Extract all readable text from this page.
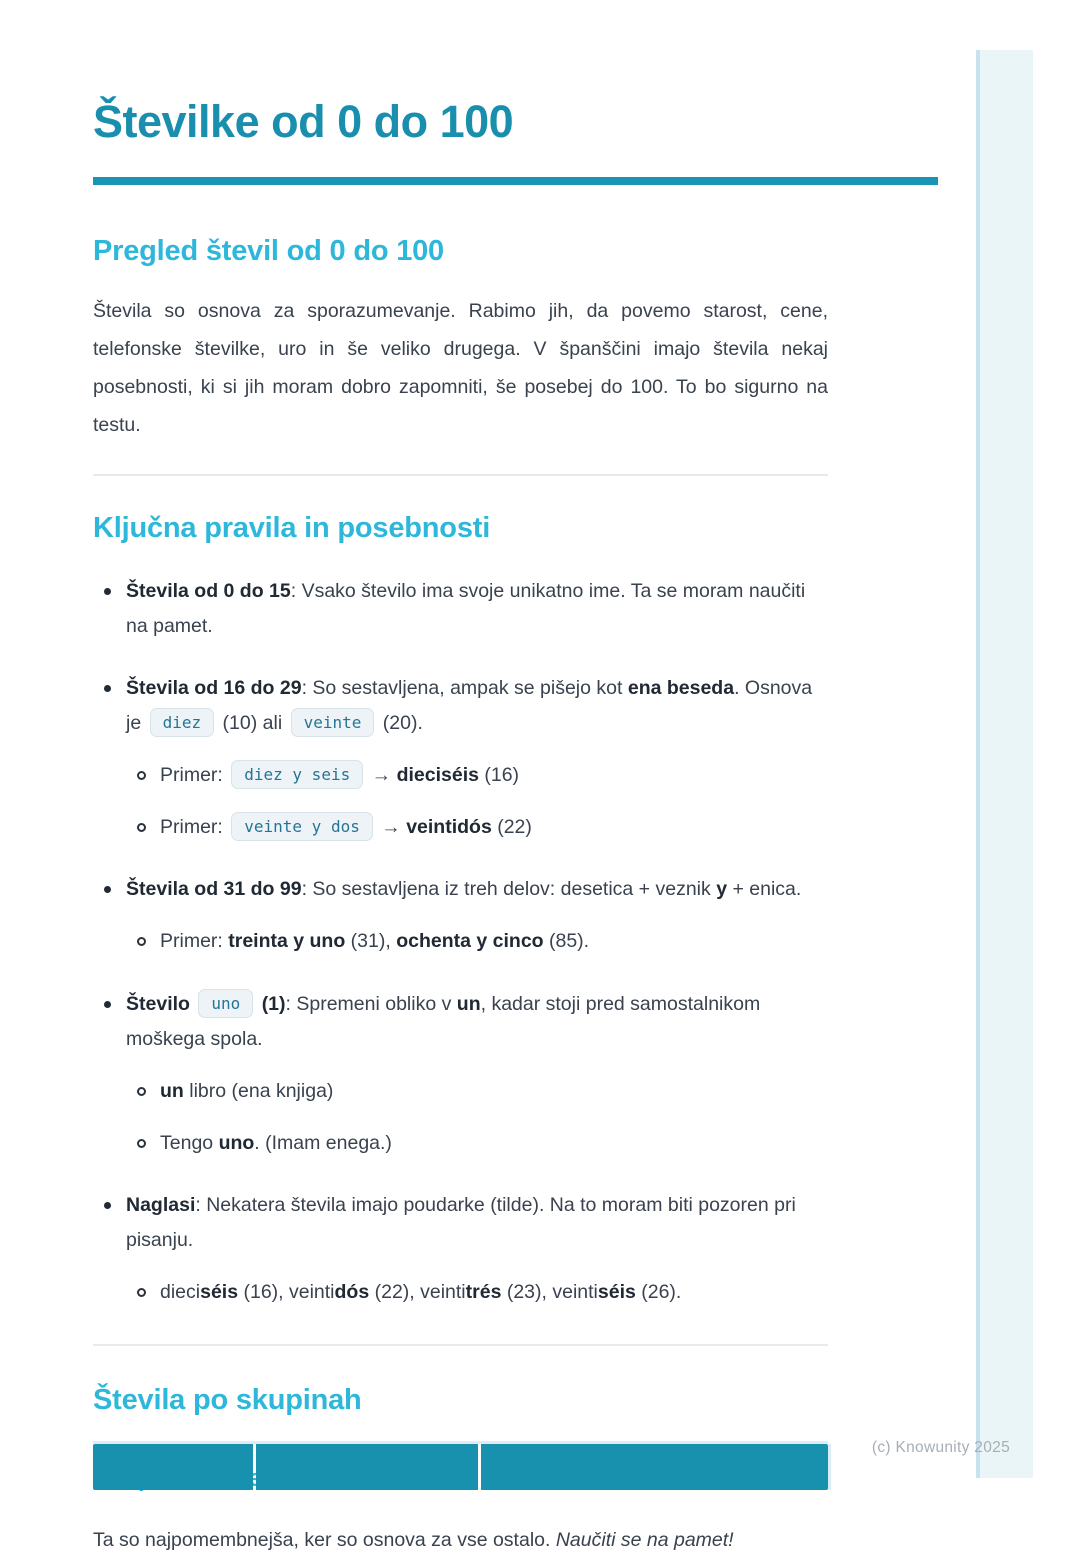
Številke od 0 do 100
Pregled števil od 0 do 100

Števila so osnova za sporazumevanje. Rabimo jih, da povemo starost, cene, telefonske številke, uro in še veliko drugega. V španščini imajo števila nekaj posebnosti, ki si jih moram dobro zapomniti, še posebej do 100. To bo sigurno na testu.

Ključna pravila in posebnosti
Števila od 0 do 15: Vsako število ima svoje unikatno ime. Ta se moram naučiti na pamet.
Števila od 16 do 29: So sestavljena, ampak se pišejo kot ena beseda. Osnova je diez (10) ali veinte (20).
Primer: diez y seis → dieciséis (16)
Primer: veinte y dos → veintidós (22)
Števila od 31 do 99: So sestavljena iz treh delov: desetica + veznik y + enica.
Primer: treinta y uno (31), ochenta y cinco (85).
Število uno (1): Spremeni obliko v un, kadar stoji pred samostalnikom moškega spola.
un libro (ena knjiga)
Tengo uno. (Imam enega.)
Naglasi: Nekatera števila imajo poudarke (tilde). Na to moram biti pozoren pri pisanju.
dieciséis (16), veintidós (22), veintitrés (23), veintiséis (26).
Števila po skupinah
Ta so najpomembnejša, ker so osnova za vse ostalo. Naučiti se na pamet!
(c) Knowunity 2025
